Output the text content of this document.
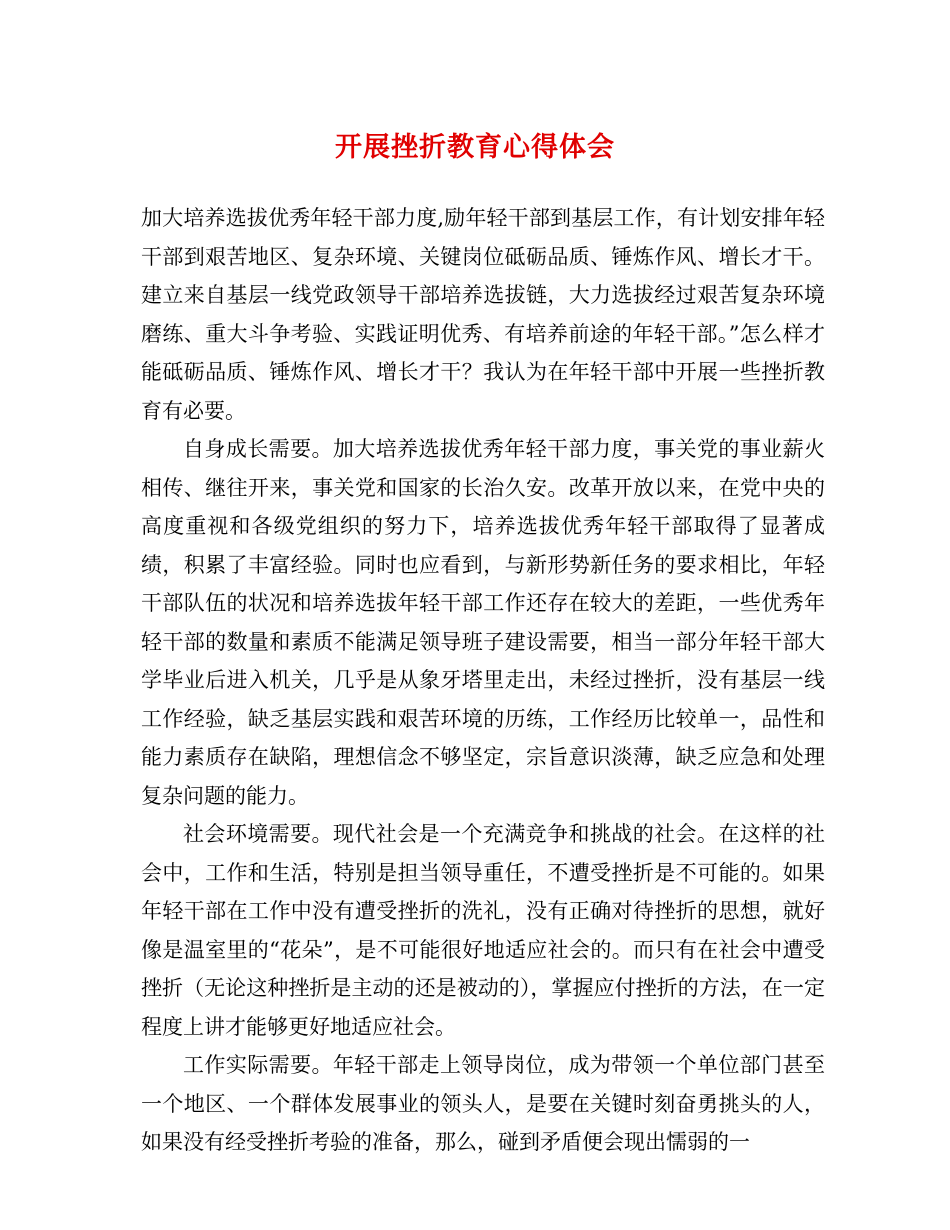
开展挫折教育心得体会

加大培养选拔优秀年轻干部力度,励年轻干部到基层工作，有计划安排年轻干部到艰苦地区、复杂环境、关键岗位砥砺品质、锤炼作风、增长才干。建立来自基层一线党政领导干部培养选拔链，大力选拔经过艰苦复杂环境磨练、重大斗争考验、实践证明优秀、有培养前途的年轻干部。”怎么样才能砥砺品质、锤炼作风、增长才干？我认为在年轻干部中开展一些挫折教育有必要。

自身成长需要。加大培养选拔优秀年轻干部力度，事关党的事业薪火相传、继往开来，事关党和国家的长治久安。改革开放以来，在党中央的高度重视和各级党组织的努力下，培养选拔优秀年轻干部取得了显著成绩，积累了丰富经验。同时也应看到，与新形势新任务的要求相比，年轻干部队伍的状况和培养选拔年轻干部工作还存在较大的差距，一些优秀年轻干部的数量和素质不能满足领导班子建设需要，相当一部分年轻干部大学毕业后进入机关，几乎是从象牙塔里走出，未经过挫折，没有基层一线工作经验，缺乏基层实践和艰苦环境的历练，工作经历比较单一，品性和能力素质存在缺陷，理想信念不够坚定，宗旨意识淡薄，缺乏应急和处理复杂问题的能力。

社会环境需要。现代社会是一个充满竞争和挑战的社会。在这样的社会中，工作和生活，特别是担当领导重任，不遭受挫折是不可能的。如果年轻干部在工作中没有遭受挫折的洗礼，没有正确对待挫折的思想，就好像是温室里的“花朵”，是不可能很好地适应社会的。而只有在社会中遭受挫折（无论这种挫折是主动的还是被动的），掌握应付挫折的方法，在一定程度上讲才能够更好地适应社会。

工作实际需要。年轻干部走上领导岗位，成为带领一个单位部门甚至一个地区、一个群体发展事业的领头人，是要在关键时刻奋勇挑头的人，如果没有经受挫折考验的准备，那么，碰到矛盾便会现出懦弱的一
